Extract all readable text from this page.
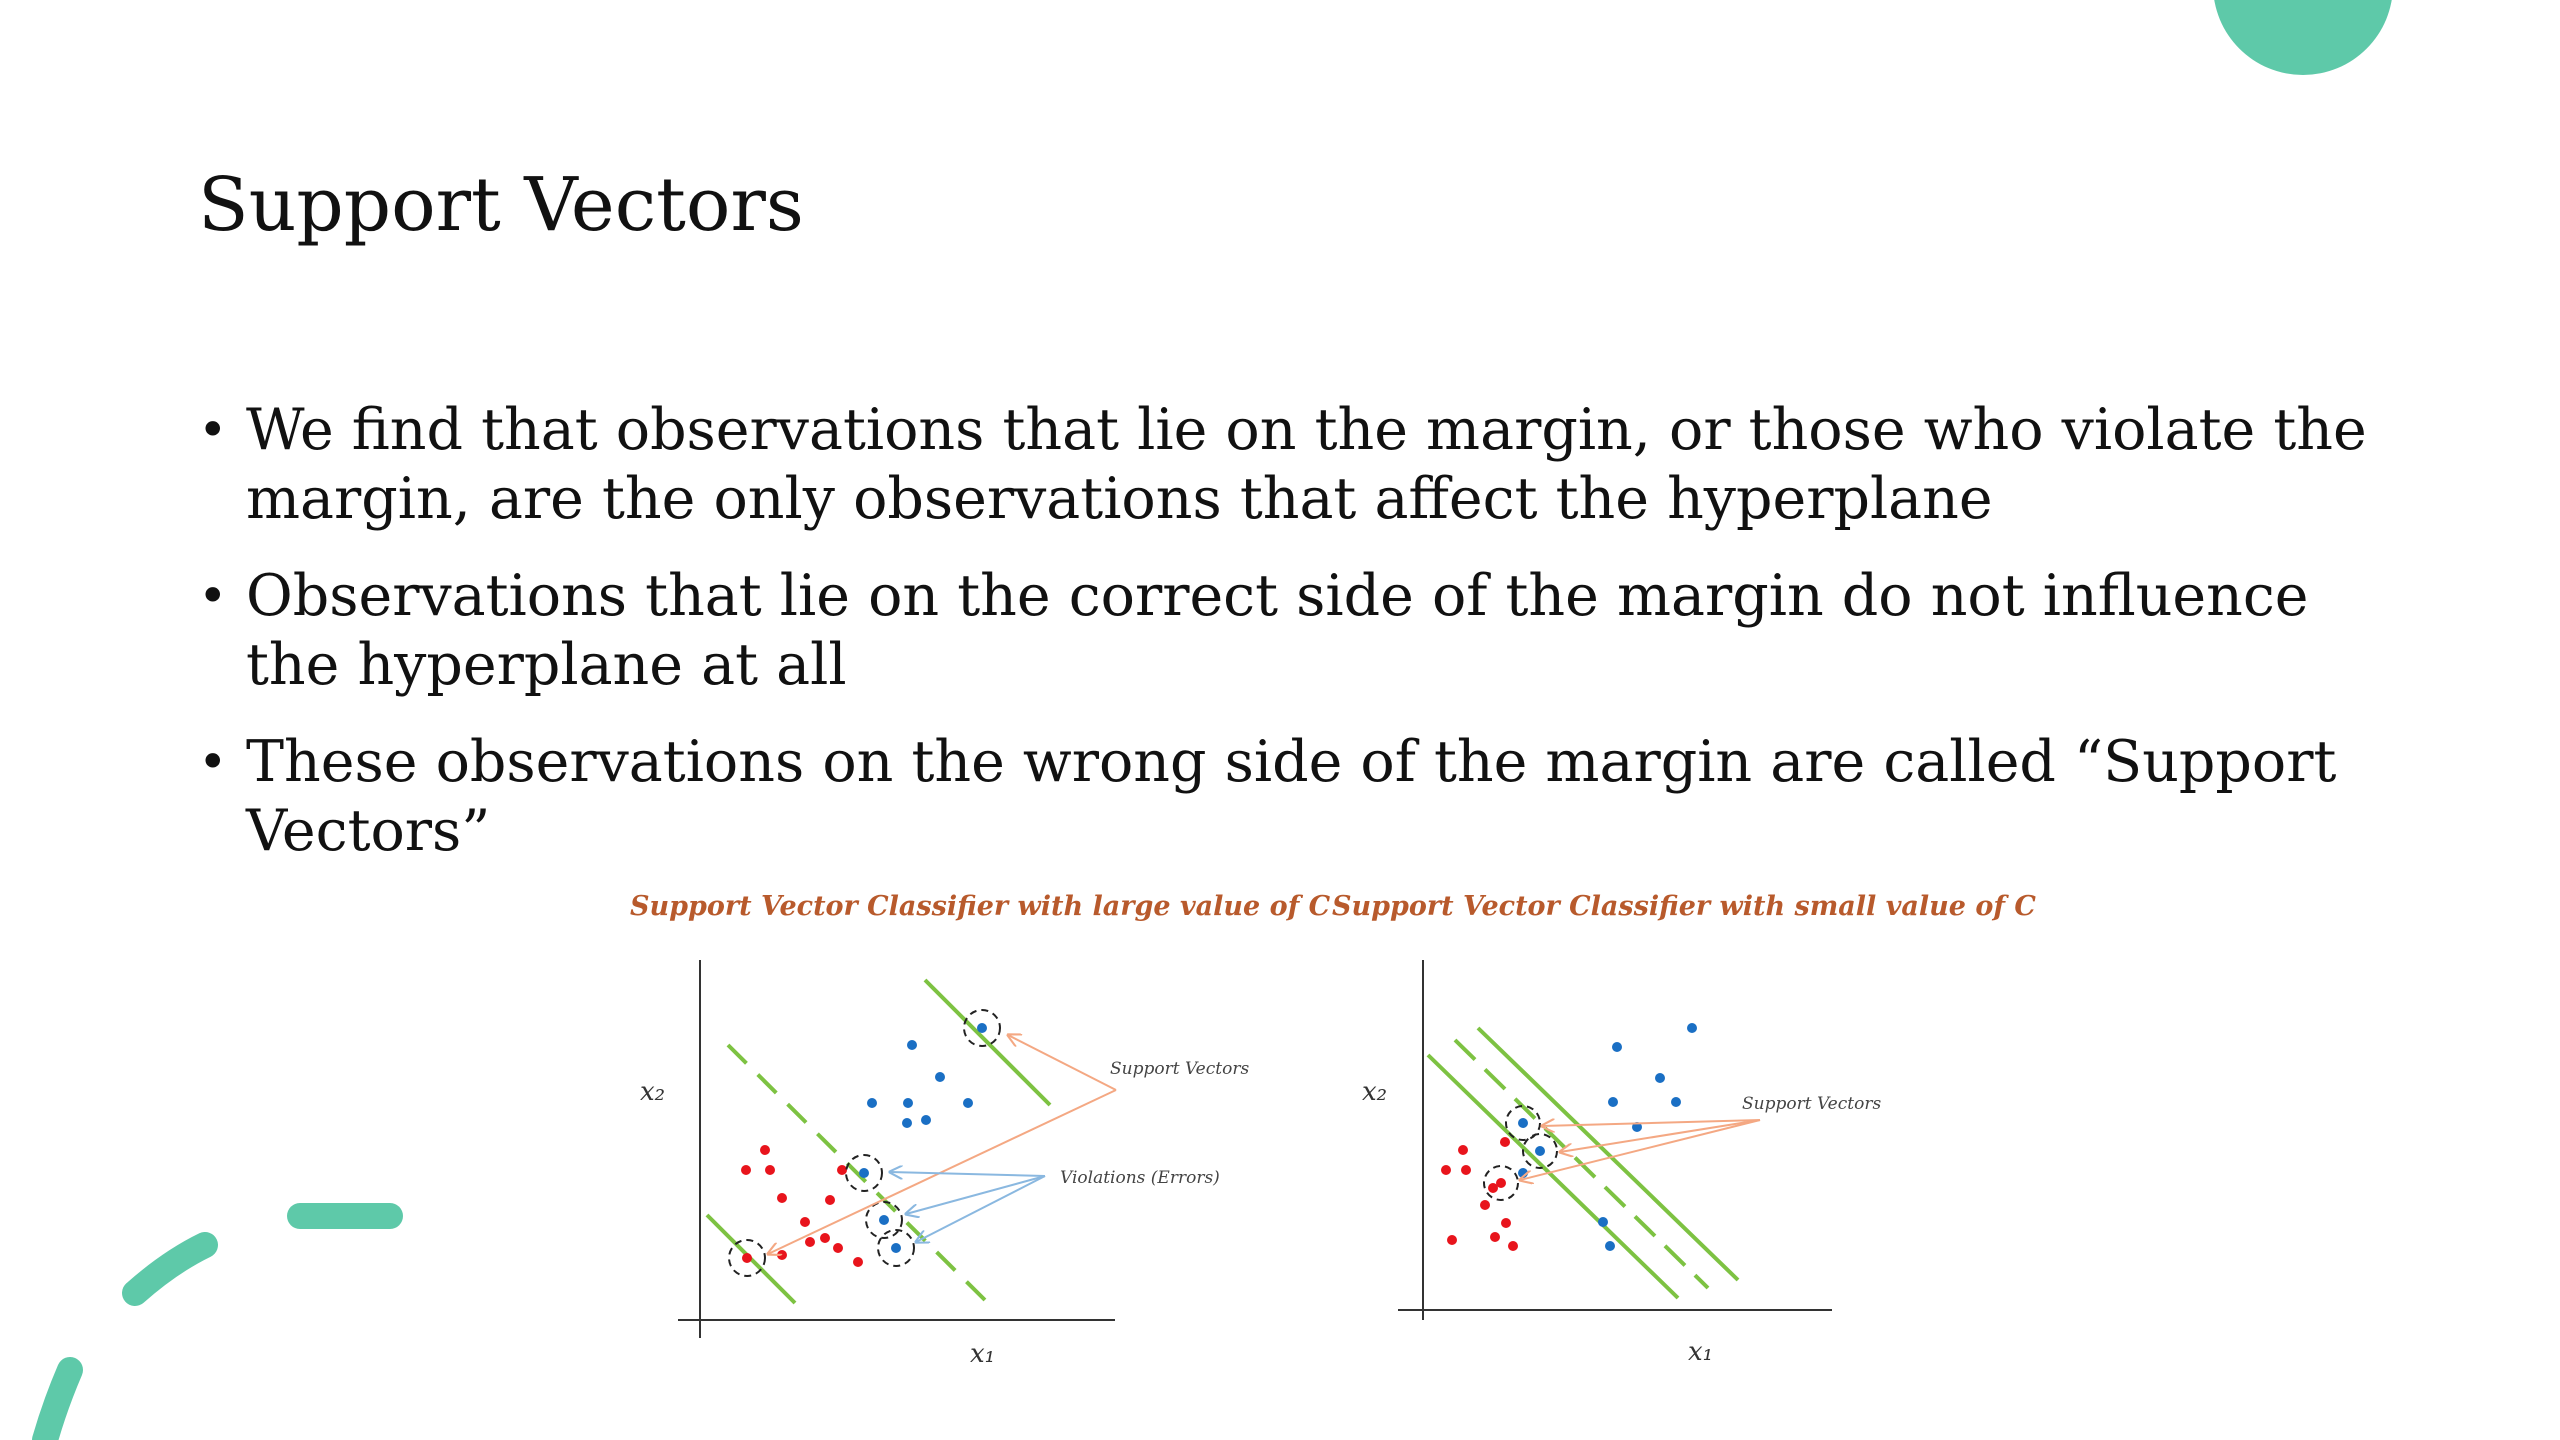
Support Vectors
• We find that observations that lie on the margin, or those who violate the margin, are the only observations that affect the hyperplane
• Observations that lie on the correct side of the margin do not influence the hyperplane at all
• These observations on the wrong side of the margin are called “Support Vectors”
Support Vector Classifier with large value of C
x₂
x₁
Support Vectors
Violations (Errors)
Support Vector Classifier with small value of C
x₂
x₁
Support Vectors
